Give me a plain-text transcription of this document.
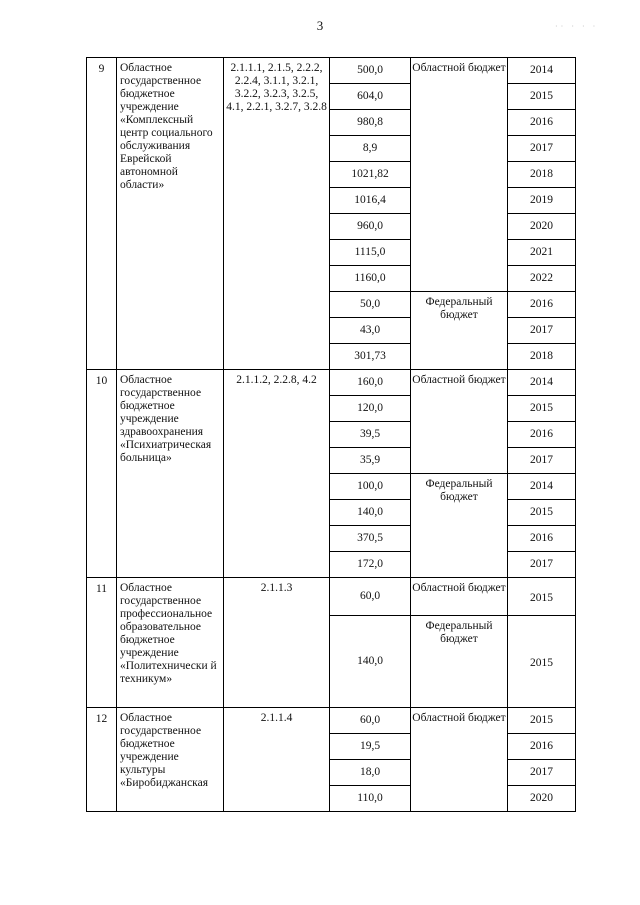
3	·· · · ·
9	Областное государственное бюджетное учреждение «Комплексный центр социального обслуживания Еврейской автономной области»	2.1.1.1, 2.1.5, 2.2.2, 2.2.4, 3.1.1, 3.2.1, 3.2.2, 3.2.3, 3.2.5, 4.1, 2.2.1, 3.2.7, 3.2.8	500,0	Областной бюджет	2014
			604,0		2015
			980,8		2016
			8,9		2017
			1021,82		2018
			1016,4		2019
			960,0		2020
			1115,0		2021
			1160,0		2022
			50,0	Федеральный бюджет	2016
			43,0		2017
			301,73		2018
10	Областное государственное бюджетное учреждение здравоохранения «Психиатрическая больница»	2.1.1.2, 2.2.8, 4.2	160,0	Областной бюджет	2014
			120,0		2015
			39,5		2016
			35,9		2017
			100,0	Федеральный бюджет	2014
			140,0		2015
			370,5		2016
			172,0		2017
11	Областное государственное профессиональное образовательное бюджетное учреждение «Политехнически й техникум»	2.1.1.3	60,0	Областной бюджет	2015
			140,0	Федеральный бюджет	2015
12	Областное государственное бюджетное учреждение культуры «Биробиджанская	2.1.1.4	60,0	Областной бюджет	2015
			19,5		2016
			18,0		2017
			110,0		2020
